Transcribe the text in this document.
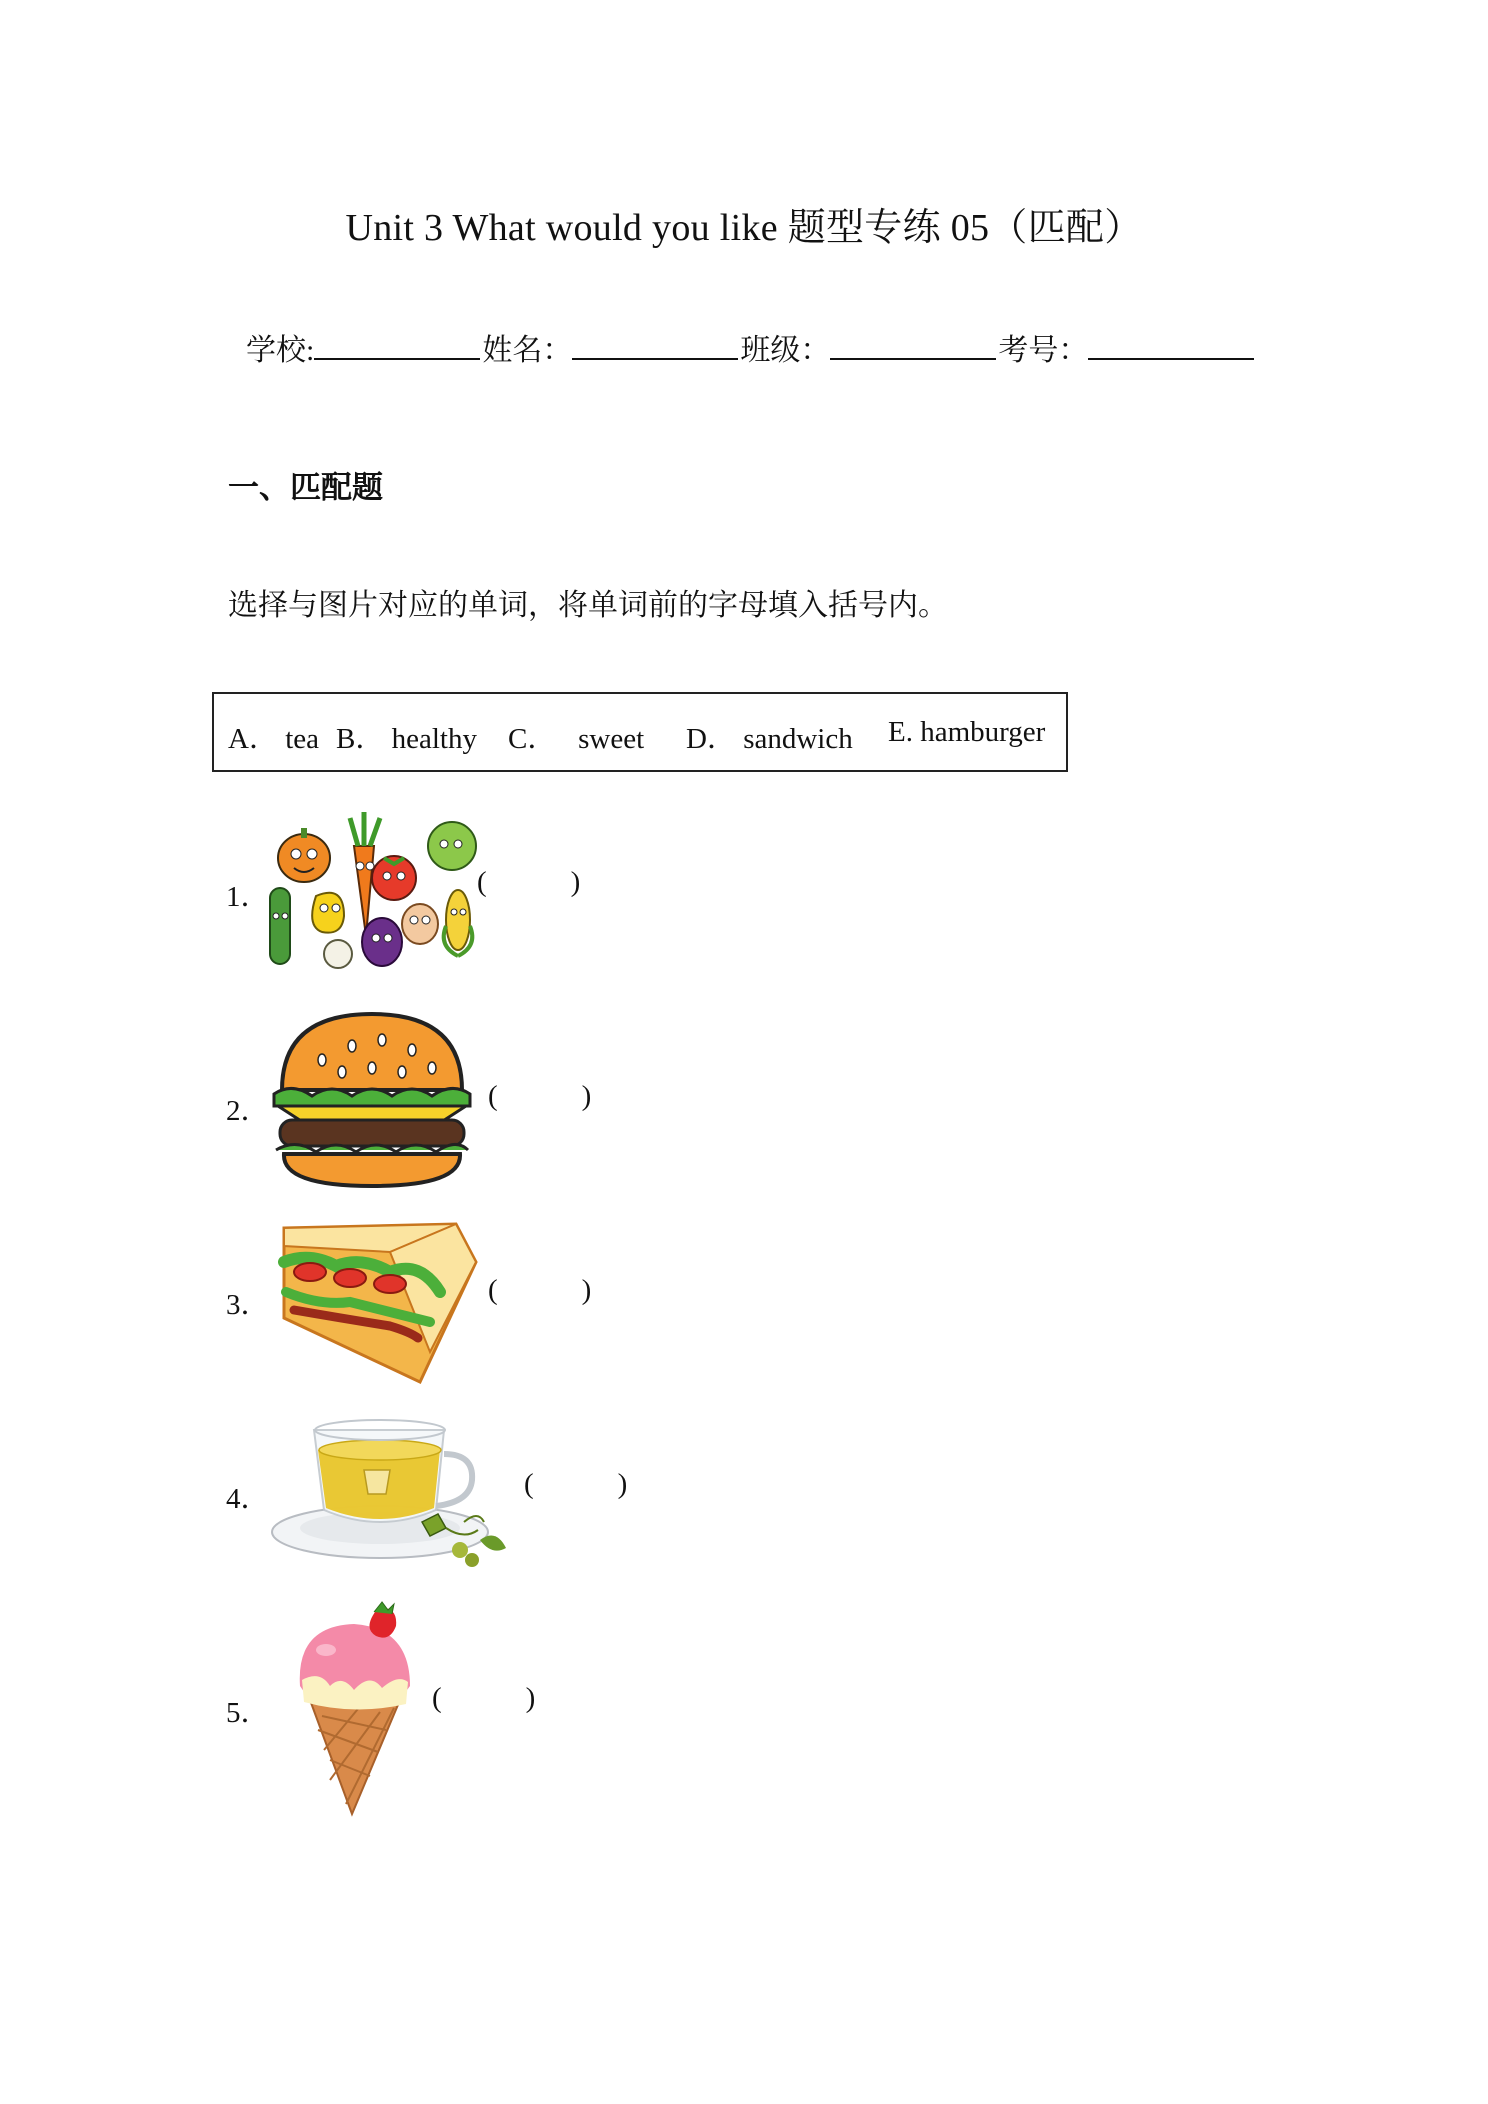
Unit 3 What would you like 题型专练 05（匹配）
学校:	姓名：	班级：	考号：
一、匹配题
选择与图片对应的单词，将单词前的字母填入括号内。
A． tea B． healthy C． sweet D． sandwich E. hamburger
1．	(	)
2．	(	)
3．	(	)
4．	(	)
5．	(	)
